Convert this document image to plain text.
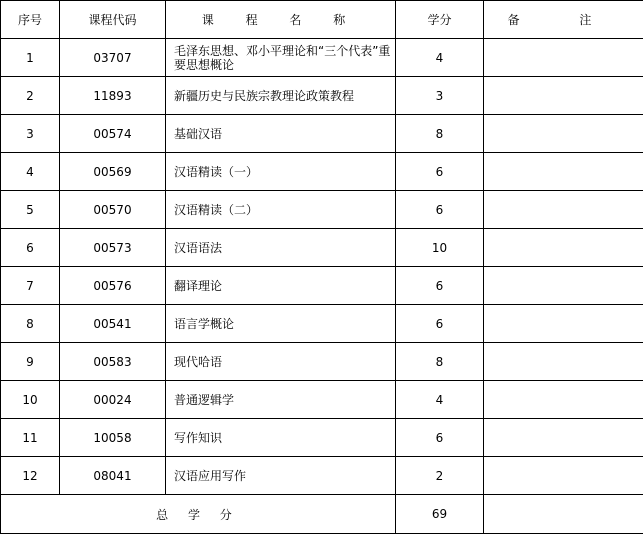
序号	课程代码	课 程 名 称	学分	备 注
1	03707	毛泽东思想、邓小平理论和“三个代表”重要思想概论	4	
2	11893	新疆历史与民族宗教理论政策教程	3	
3	00574	基础汉语	8	
4	00569	汉语精读（一）	6	
5	00570	汉语精读（二）	6	
6	00573	汉语语法	10	
7	00576	翻译理论	6	
8	00541	语言学概论	6	
9	00583	现代哈语	8	
10	00024	普通逻辑学	4	
11	10058	写作知识	6	
12	08041	汉语应用写作	2	
总 学 分			69	
